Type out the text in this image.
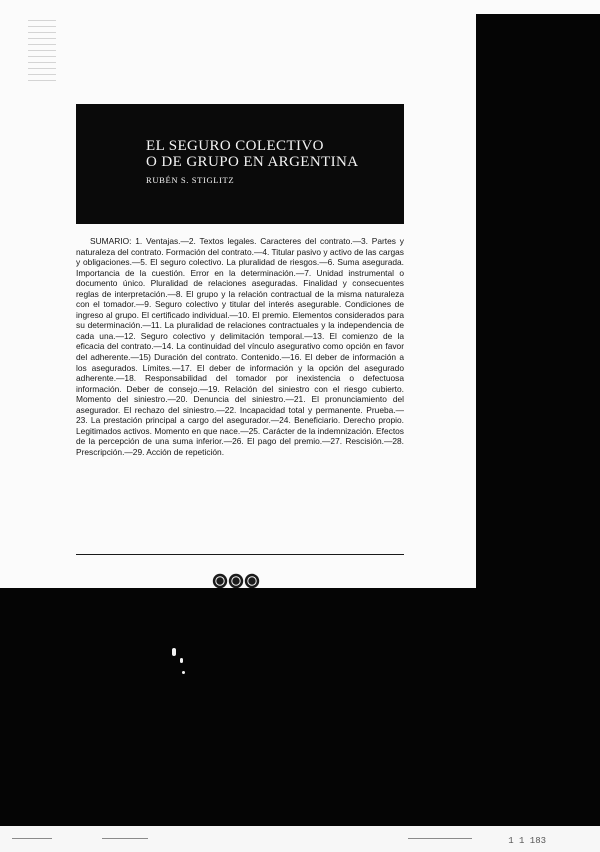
EL SEGURO COLECTIVO
O DE GRUPO EN ARGENTINA

RUBÉN S. STIGLITZ

SUMARIO: 1. Ventajas.—2. Textos legales. Caracteres del contrato.—3. Partes y naturaleza del contrato. Formación del contrato.—4. Titular pasivo y activo de las cargas y obligaciones.—5. El seguro colectivo. La pluralidad de riesgos.—6. Suma asegurada. Importancia de la cuestión. Error en la determinación.—7. Unidad instrumental o documento único. Pluralidad de relaciones aseguradas. Finalidad y consecuentes reglas de interpretación.—8. El grupo y la relación contractual de la misma naturaleza con el tomador.—9. Seguro colectivo y titular del interés asegurable. Condiciones de ingreso al grupo. El certificado individual.—10. El premio. Elementos considerados para su determinación.—11. La pluralidad de relaciones contractuales y la independencia de cada una.—12. Seguro colectivo y delimitación temporal.—13. El comienzo de la eficacia del contrato.—14. La continuidad del vínculo asegurativo como opción en favor del adherente.—15) Duración del contrato. Contenido.—16. El deber de información a los asegurados. Límites.—17. El deber de información y la opción del asegurado adherente.—18. Responsabilidad del tomador por inexistencia o defectuosa información. Deber de consejo.—19. Relación del siniestro con el riesgo cubierto. Momento del siniestro.—20. Denuncia del siniestro.—21. El pronunciamiento del asegurador. El rechazo del siniestro.—22. Incapacidad total y permanente. Prueba.—23. La prestación principal a cargo del asegurador.—24. Beneficiario. Derecho propio. Legitimados activos. Momento en que nace.—25. Carácter de la indemnización. Efectos de la percepción de una suma inferior.—26. El pago del premio.—27. Rescisión.—28. Prescripción.—29. Acción de repetición.

1 1 183
